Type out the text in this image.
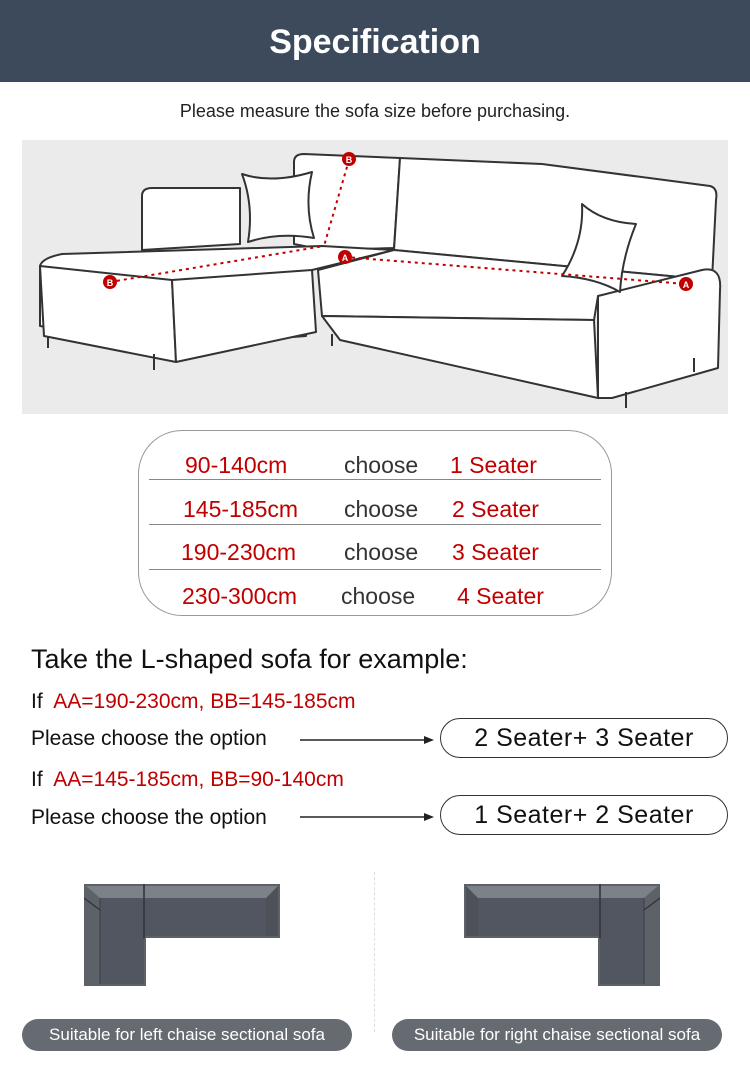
Specification
Please measure the sofa size before purchasing.
A
A
B
B
90-140cm choose 1 Seater
145-185cm choose 2 Seater
190-230cm choose 3 Seater
230-300cm choose 4 Seater
Take the L-shaped sofa for example:
If AA=190-230cm, BB=145-185cm
Please choose the option	2 Seater+ 3 Seater
If AA=145-185cm, BB=90-140cm
Please choose the option	1 Seater+ 2 Seater
Suitable for left chaise sectional sofa	Suitable for right chaise sectional sofa
